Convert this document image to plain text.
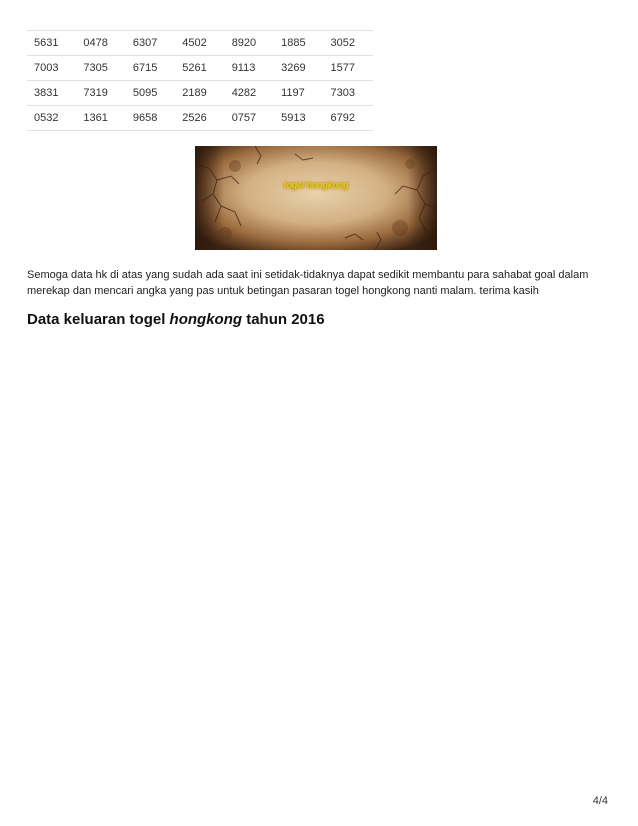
5631	0478	6307	4502	8920	1885	3052
7003	7305	6715	5261	9113	3269	1577
3831	7319	5095	2189	4282	1197	7303
0532	1361	9658	2526	0757	5913	6792
togel hongkong
Semoga data hk di atas yang sudah ada saat ini setidak-tidaknya dapat sedikit membantu para sahabat goal dalam
merekap dan mencari angka yang pas untuk betingan pasaran togel hongkong nanti malam. terima kasih
Data keluaran togel hongkong tahun 2016
4/4
